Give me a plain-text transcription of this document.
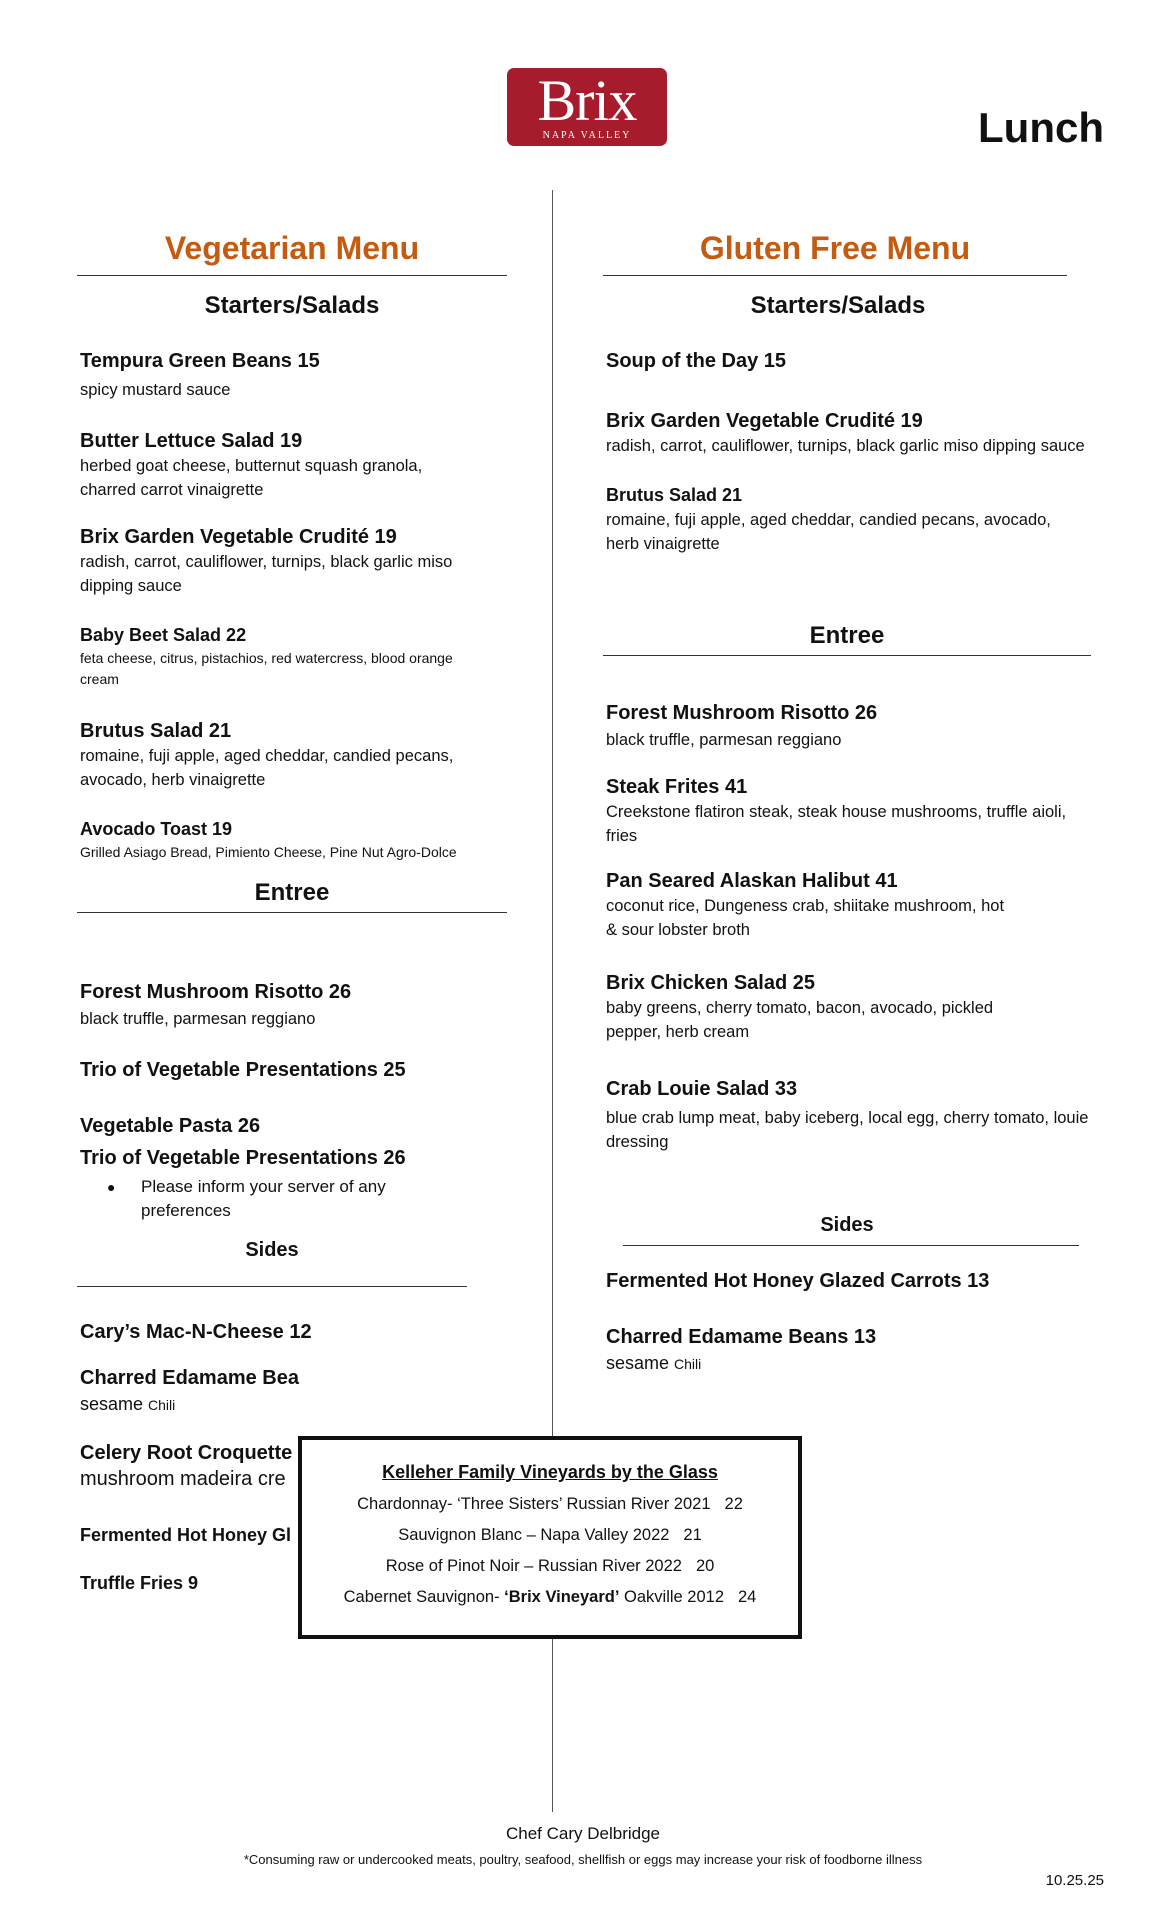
Brix
NAPA VALLEY	Lunch
Vegetarian Menu
Starters/Salads
Tempura Green Beans 15
spicy mustard sauce
Butter Lettuce Salad 19
herbed goat cheese, butternut squash granola, charred carrot vinaigrette
Brix Garden Vegetable Crudité 19
radish, carrot, cauliflower, turnips, black garlic miso dipping sauce
Baby Beet Salad 22
feta cheese, citrus, pistachios, red watercress, blood orange cream
Brutus Salad 21
romaine, fuji apple, aged cheddar, candied pecans, avocado, herb vinaigrette
Avocado Toast 19
Grilled Asiago Bread, Pimiento Cheese, Pine Nut Agro-Dolce
Entree
Forest Mushroom Risotto 26
black truffle, parmesan reggiano
Trio of Vegetable Presentations 25
Vegetable Pasta 26
Trio of Vegetable Presentations 26
●	Please inform your server of any preferences
Sides
Cary’s Mac-N-Cheese 12
Charred Edamame Bea
sesame Chili
Celery Root Croquette
mushroom madeira cre
Fermented Hot Honey Gl
Truffle Fries 9
Gluten Free Menu
Starters/Salads
Soup of the Day 15
Brix Garden Vegetable Crudité 19
radish, carrot, cauliflower, turnips, black garlic miso dipping sauce
Brutus Salad 21
romaine, fuji apple, aged cheddar, candied pecans, avocado, herb vinaigrette
Entree
Forest Mushroom Risotto 26
black truffle, parmesan reggiano
Steak Frites 41
Creekstone flatiron steak, steak house mushrooms, truffle aioli, fries
Pan Seared Alaskan Halibut 41
coconut rice, Dungeness crab, shiitake mushroom, hot & sour lobster broth
Brix Chicken Salad 25
baby greens, cherry tomato, bacon, avocado, pickled pepper, herb cream
Crab Louie Salad 33
blue crab lump meat, baby iceberg, local egg, cherry tomato, louie dressing
Sides
Fermented Hot Honey Glazed Carrots 13
Charred Edamame Beans 13
sesame Chili
Kelleher Family Vineyards by the Glass
Chardonnay- ‘Three Sisters’ Russian River 2021 22
Sauvignon Blanc – Napa Valley 2022 21
Rose of Pinot Noir – Russian River 2022 20
Cabernet Sauvignon- ‘Brix Vineyard’ Oakville 2012 24
Chef Cary Delbridge
*Consuming raw or undercooked meats, poultry, seafood, shellfish or eggs may increase your risk of foodborne illness
10.25.25
